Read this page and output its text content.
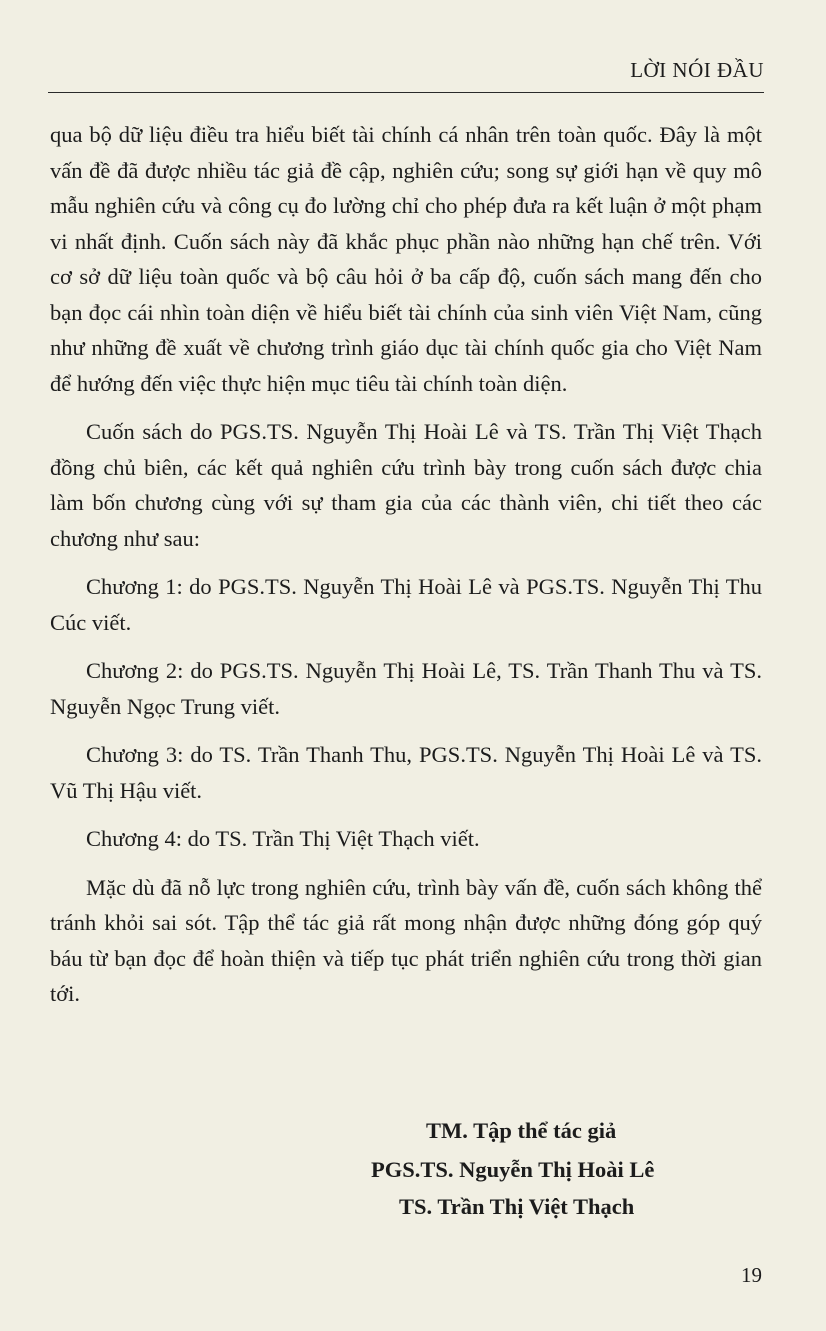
LỜI NÓI ĐẦU

qua bộ dữ liệu điều tra hiểu biết tài chính cá nhân trên toàn quốc. Đây là một vấn đề đã được nhiều tác giả đề cập, nghiên cứu; song sự giới hạn về quy mô mẫu nghiên cứu và công cụ đo lường chỉ cho phép đưa ra kết luận ở một phạm vi nhất định. Cuốn sách này đã khắc phục phần nào những hạn chế trên. Với cơ sở dữ liệu toàn quốc và bộ câu hỏi ở ba cấp độ, cuốn sách mang đến cho bạn đọc cái nhìn toàn diện về hiểu biết tài chính của sinh viên Việt Nam, cũng như những đề xuất về chương trình giáo dục tài chính quốc gia cho Việt Nam để hướng đến việc thực hiện mục tiêu tài chính toàn diện.

Cuốn sách do PGS.TS. Nguyễn Thị Hoài Lê và TS. Trần Thị Việt Thạch đồng chủ biên, các kết quả nghiên cứu trình bày trong cuốn sách được chia làm bốn chương cùng với sự tham gia của các thành viên, chi tiết theo các chương như sau:

Chương 1: do PGS.TS. Nguyễn Thị Hoài Lê và PGS.TS. Nguyễn Thị Thu Cúc viết.

Chương 2: do PGS.TS. Nguyễn Thị Hoài Lê, TS. Trần Thanh Thu và TS. Nguyễn Ngọc Trung viết.

Chương 3: do TS. Trần Thanh Thu, PGS.TS. Nguyễn Thị Hoài Lê và TS. Vũ Thị Hậu viết.

Chương 4: do TS. Trần Thị Việt Thạch viết.

Mặc dù đã nỗ lực trong nghiên cứu, trình bày vấn đề, cuốn sách không thể tránh khỏi sai sót. Tập thể tác giả rất mong nhận được những đóng góp quý báu từ bạn đọc để hoàn thiện và tiếp tục phát triển nghiên cứu trong thời gian tới.

TM. Tập thể tác giả
PGS.TS. Nguyễn Thị Hoài Lê
TS. Trần Thị Việt Thạch
19
